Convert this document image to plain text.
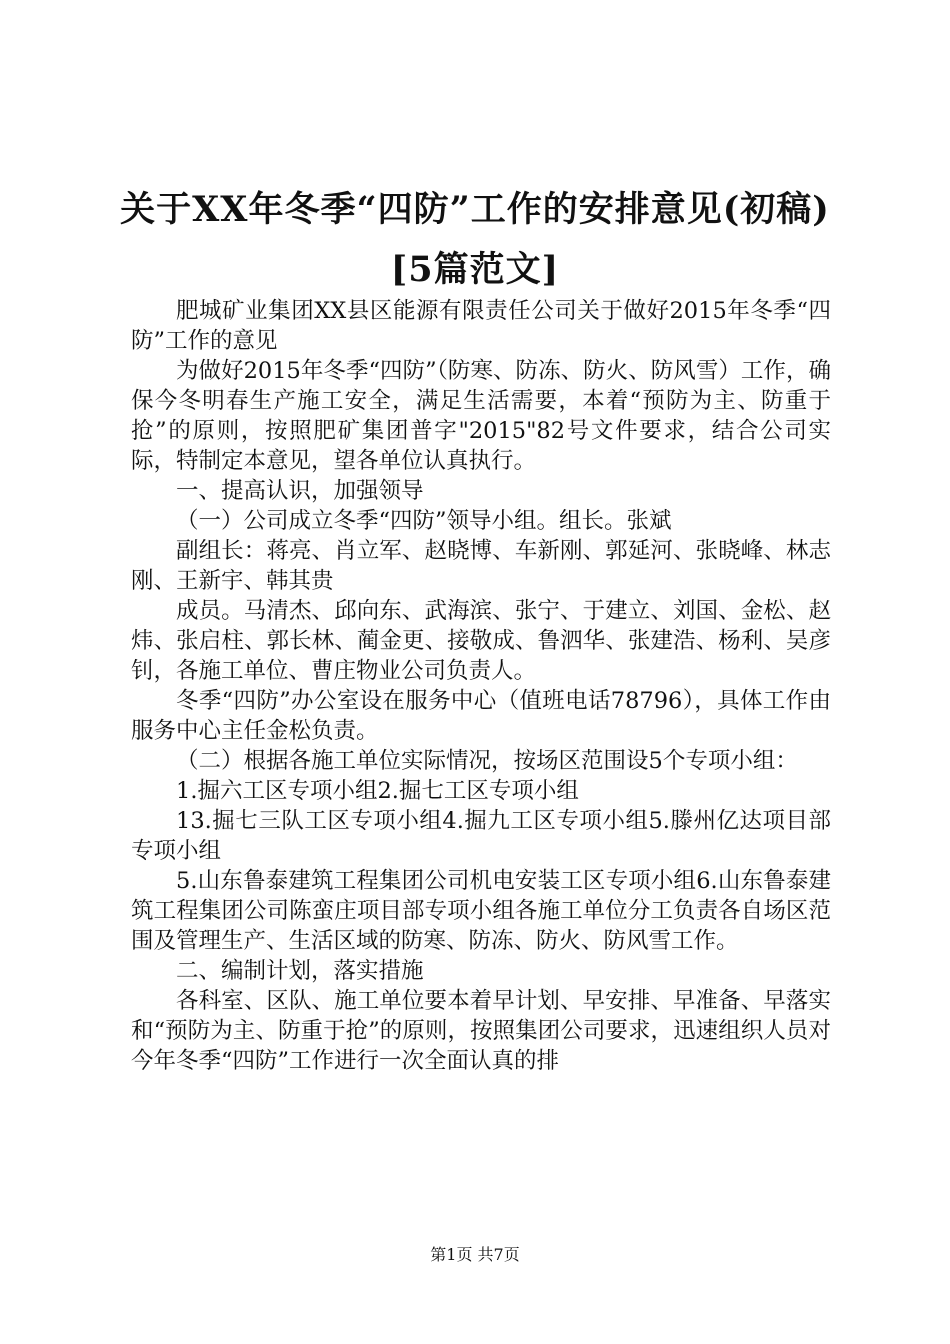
关于XX年冬季“四防”工作的安排意见(初稿)[5篇范文]

肥城矿业集团XX县区能源有限责任公司关于做好2015年冬季“四防”工作的意见

为做好2015年冬季“四防”（防寒、防冻、防火、防风雪）工作，确保今冬明春生产施工安全，满足生活需要，本着“预防为主、防重于抢”的原则，按照肥矿集团普字"2015"82号文件要求，结合公司实际，特制定本意见，望各单位认真执行。

一、提高认识，加强领导

（一）公司成立冬季“四防”领导小组。组长。张斌

副组长：蒋亮、肖立军、赵晓博、车新刚、郭延河、张晓峰、林志刚、王新宇、韩其贵

成员。马清杰、邱向东、武海滨、张宁、于建立、刘国、金松、赵炜、张启柱、郭长林、蔺金更、接敬成、鲁泗华、张建浩、杨利、吴彦钊，各施工单位、曹庄物业公司负责人。

冬季“四防”办公室设在服务中心（值班电话78796），具体工作由服务中心主任金松负责。

（二）根据各施工单位实际情况，按场区范围设5个专项小组：

1.掘六工区专项小组2.掘七工区专项小组

13.掘七三队工区专项小组4.掘九工区专项小组5.滕州亿达项目部专项小组

5.山东鲁泰建筑工程集团公司机电安装工区专项小组6.山东鲁泰建筑工程集团公司陈蛮庄项目部专项小组各施工单位分工负责各自场区范围及管理生产、生活区域的防寒、防冻、防火、防风雪工作。

二、编制计划，落实措施

各科室、区队、施工单位要本着早计划、早安排、早准备、早落实和“预防为主、防重于抢”的原则，按照集团公司要求，迅速组织人员对今年冬季“四防”工作进行一次全面认真的排

第1页 共7页
